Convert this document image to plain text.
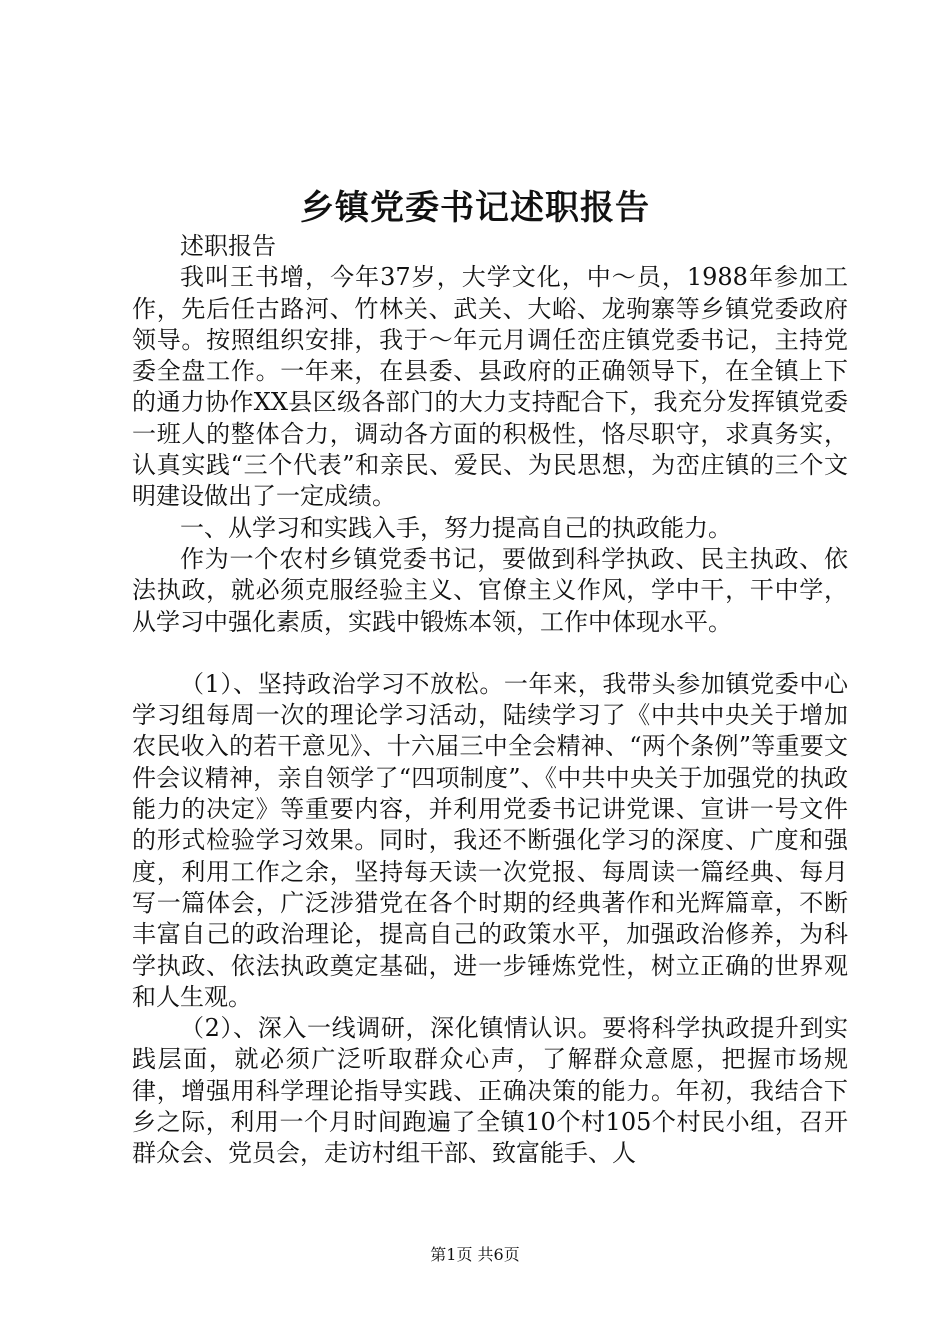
乡镇党委书记述职报告

述职报告

我叫王书增，今年37岁，大学文化，中～员，1988年参加工作，先后任古路河、竹林关、武关、大峪、龙驹寨等乡镇党委政府领导。按照组织安排，我于～年元月调任峦庄镇党委书记，主持党委全盘工作。一年来，在县委、县政府的正确领导下，在全镇上下的通力协作XX县区级各部门的大力支持配合下，我充分发挥镇党委一班人的整体合力，调动各方面的积极性，恪尽职守，求真务实，认真实践“三个代表”和亲民、爱民、为民思想，为峦庄镇的三个文明建设做出了一定成绩。

一、从学习和实践入手，努力提高自己的执政能力。

作为一个农村乡镇党委书记，要做到科学执政、民主执政、依法执政，就必须克服经验主义、官僚主义作风，学中干，干中学，从学习中强化素质，实践中锻炼本领，工作中体现水平。

（1）、坚持政治学习不放松。一年来，我带头参加镇党委中心学习组每周一次的理论学习活动，陆续学习了《中共中央关于增加农民收入的若干意见》、十六届三中全会精神、“两个条例”等重要文件会议精神，亲自领学了“四项制度”、《中共中央关于加强党的执政能力的决定》等重要内容，并利用党委书记讲党课、宣讲一号文件的形式检验学习效果。同时，我还不断强化学习的深度、广度和强度，利用工作之余，坚持每天读一次党报、每周读一篇经典、每月写一篇体会，广泛涉猎党在各个时期的经典著作和光辉篇章，不断丰富自己的政治理论，提高自己的政策水平，加强政治修养，为科学执政、依法执政奠定基础，进一步锤炼党性，树立正确的世界观和人生观。

（2）、深入一线调研，深化镇情认识。要将科学执政提升到实践层面，就必须广泛听取群众心声，了解群众意愿，把握市场规律，增强用科学理论指导实践、正确决策的能力。年初，我结合下乡之际，利用一个月时间跑遍了全镇10个村105个村民小组，召开群众会、党员会，走访村组干部、致富能手、人

第1页 共6页
